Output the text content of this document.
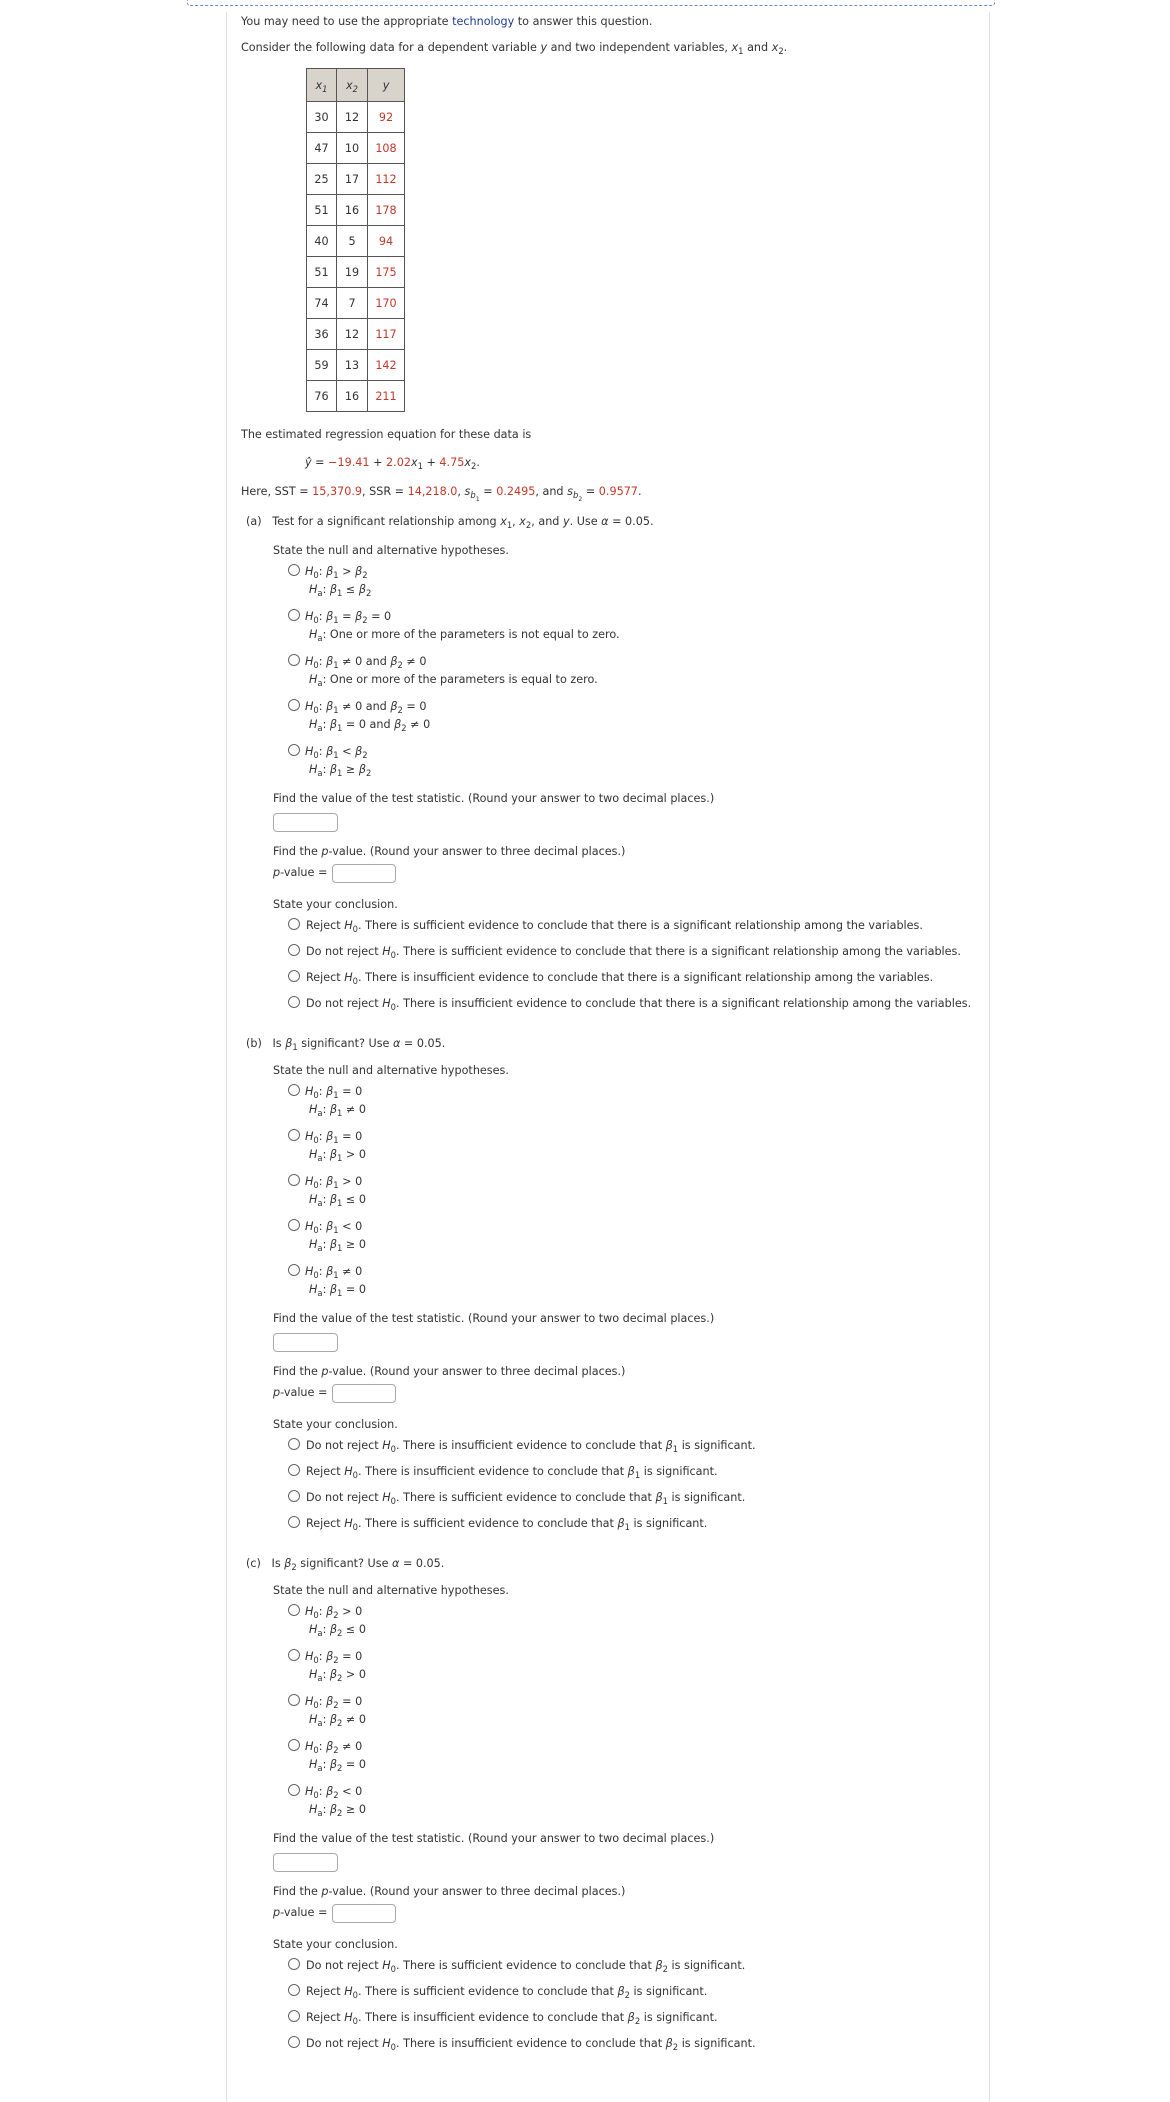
You may need to use the appropriate technology to answer this question.
Consider the following data for a dependent variable y and two independent variables, $x_1$ and $x_2$.
$x_1$	$x_2$	y
30	12	92
47	10	108
25	17	112
51	16	178
40	5	94
51	19	175
74	7	170
36	12	117
59	13	142
76	16	211
The estimated regression equation for these data is
ŷ = $-19.41 + 2.02x_1 + 4.75x_2$.
Here, SST = 15,370.9, SSR = 14,218.0, $s_{b_1} = 0.2495$, and $s_{b_2} = 0.9577$.
(a)   Test for a significant relationship among $x_1$, $x_2$, and y. Use α = 0.05.
State the null and alternative hypotheses.
$H_0$: $\beta_1 > \beta_2$
$H_a$: $\beta_1 \le \beta_2$
$H_0$: $\beta_1 = \beta_2 = 0$
$H_a$: One or more of the parameters is not equal to zero.
$H_0$: $\beta_1 \ne 0$ and $\beta_2 \ne 0$
$H_a$: One or more of the parameters is equal to zero.
$H_0$: $\beta_1 \ne 0$ and $\beta_2 = 0$
$H_a$: $\beta_1 = 0$ and $\beta_2 \ne 0$
$H_0$: $\beta_1 < \beta_2$
$H_a$: $\beta_1 \ge \beta_2$
Find the value of the test statistic. (Round your answer to two decimal places.)
Find the p-value. (Round your answer to three decimal places.)
p-value =
State your conclusion.
Reject $H_0$. There is sufficient evidence to conclude that there is a significant relationship among the variables.
Do not reject $H_0$. There is sufficient evidence to conclude that there is a significant relationship among the variables.
Reject $H_0$. There is insufficient evidence to conclude that there is a significant relationship among the variables.
Do not reject $H_0$. There is insufficient evidence to conclude that there is a significant relationship among the variables.
(b)   Is $\beta_1$ significant? Use α = 0.05.
State the null and alternative hypotheses.
$H_0$: $\beta_1 = 0$
$H_a$: $\beta_1 \ne 0$
$H_0$: $\beta_1 = 0$
$H_a$: $\beta_1 > 0$
$H_0$: $\beta_1 > 0$
$H_a$: $\beta_1 \le 0$
$H_0$: $\beta_1 < 0$
$H_a$: $\beta_1 \ge 0$
$H_0$: $\beta_1 \ne 0$
$H_a$: $\beta_1 = 0$
Find the value of the test statistic. (Round your answer to two decimal places.)
Find the p-value. (Round your answer to three decimal places.)
p-value =
State your conclusion.
Do not reject $H_0$. There is insufficient evidence to conclude that $\beta_1$ is significant.
Reject $H_0$. There is insufficient evidence to conclude that $\beta_1$ is significant.
Do not reject $H_0$. There is sufficient evidence to conclude that $\beta_1$ is significant.
Reject $H_0$. There is sufficient evidence to conclude that $\beta_1$ is significant.
(c)   Is $\beta_2$ significant? Use α = 0.05.
State the null and alternative hypotheses.
$H_0$: $\beta_2 > 0$
$H_a$: $\beta_2 \le 0$
$H_0$: $\beta_2 = 0$
$H_a$: $\beta_2 > 0$
$H_0$: $\beta_2 = 0$
$H_a$: $\beta_2 \ne 0$
$H_0$: $\beta_2 \ne 0$
$H_a$: $\beta_2 = 0$
$H_0$: $\beta_2 < 0$
$H_a$: $\beta_2 \ge 0$
Find the value of the test statistic. (Round your answer to two decimal places.)
Find the p-value. (Round your answer to three decimal places.)
p-value =
State your conclusion.
Do not reject $H_0$. There is sufficient evidence to conclude that $\beta_2$ is significant.
Reject $H_0$. There is sufficient evidence to conclude that $\beta_2$ is significant.
Reject $H_0$. There is insufficient evidence to conclude that $\beta_2$ is significant.
Do not reject $H_0$. There is insufficient evidence to conclude that $\beta_2$ is significant.
